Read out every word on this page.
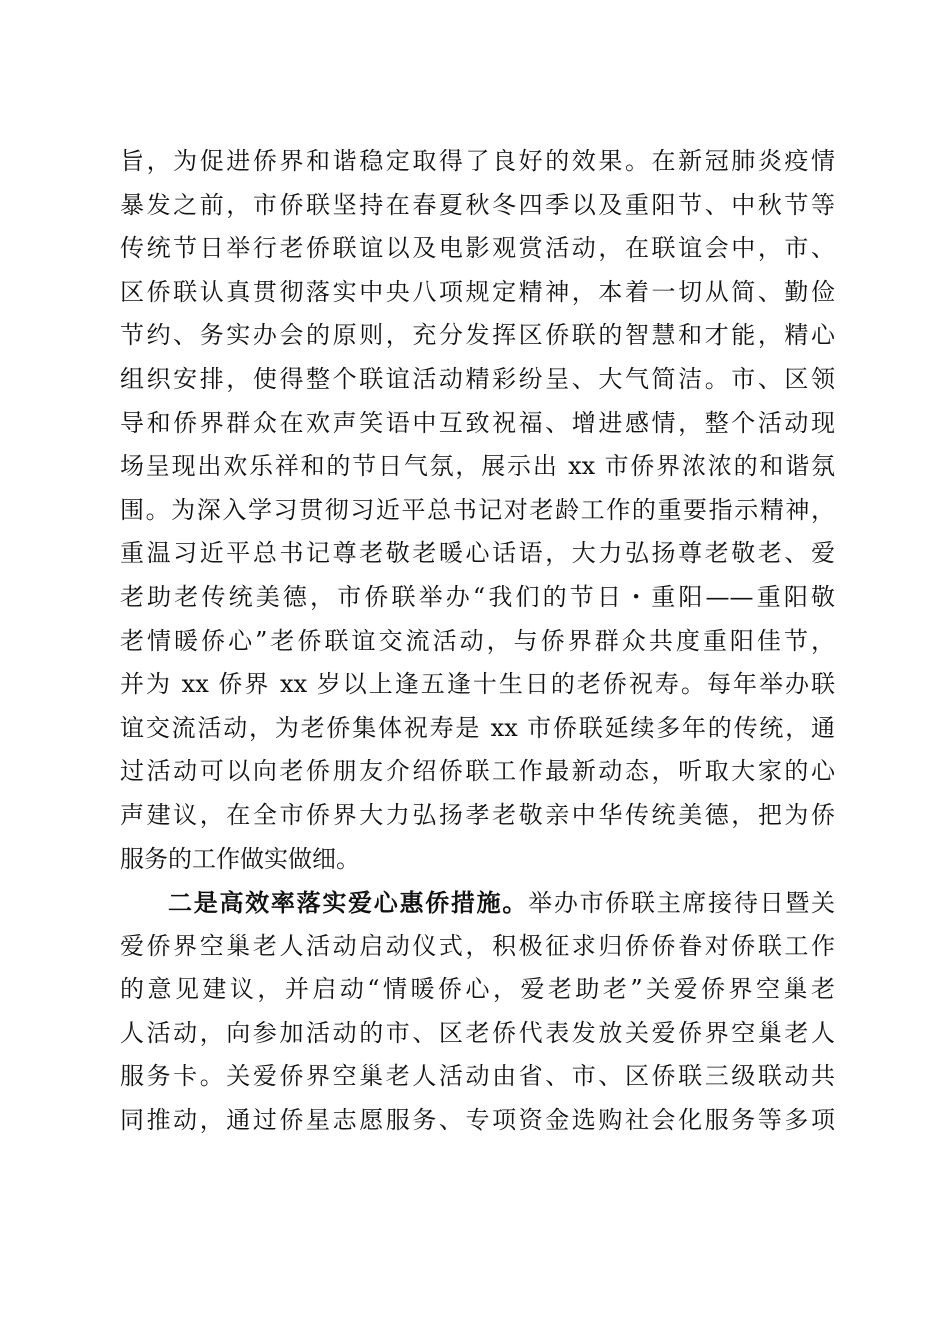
旨，为促进侨界和谐稳定取得了良好的效果。在新冠肺炎疫情
暴发之前，市侨联坚持在春夏秋冬四季以及重阳节、中秋节等
传统节日举行老侨联谊以及电影观赏活动，在联谊会中，市、
区侨联认真贯彻落实中央八项规定精神，本着一切从简、勤俭
节约、务实办会的原则，充分发挥区侨联的智慧和才能，精心
组织安排，使得整个联谊活动精彩纷呈、大气简洁。市、区领
导和侨界群众在欢声笑语中互致祝福、增进感情，整个活动现
场呈现出欢乐祥和的节日气氛，展示出 xx 市侨界浓浓的和谐氛
围。为深入学习贯彻习近平总书记对老龄工作的重要指示精神，
重温习近平总书记尊老敬老暖心话语，大力弘扬尊老敬老、爱
老助老传统美德，市侨联举办“我们的节日・重阳——重阳敬
老情暖侨心”老侨联谊交流活动，与侨界群众共度重阳佳节，
并为 xx 侨界 xx 岁以上逢五逢十生日的老侨祝寿。每年举办联
谊交流活动，为老侨集体祝寿是 xx 市侨联延续多年的传统，通
过活动可以向老侨朋友介绍侨联工作最新动态，听取大家的心
声建议，在全市侨界大力弘扬孝老敬亲中华传统美德，把为侨
服务的工作做实做细。
二是高效率落实爱心惠侨措施。举办市侨联主席接待日暨关
爱侨界空巢老人活动启动仪式，积极征求归侨侨眷对侨联工作
的意见建议，并启动“情暖侨心，爱老助老”关爱侨界空巢老
人活动，向参加活动的市、区老侨代表发放关爱侨界空巢老人
服务卡。关爱侨界空巢老人活动由省、市、区侨联三级联动共
同推动，通过侨星志愿服务、专项资金选购社会化服务等多项
